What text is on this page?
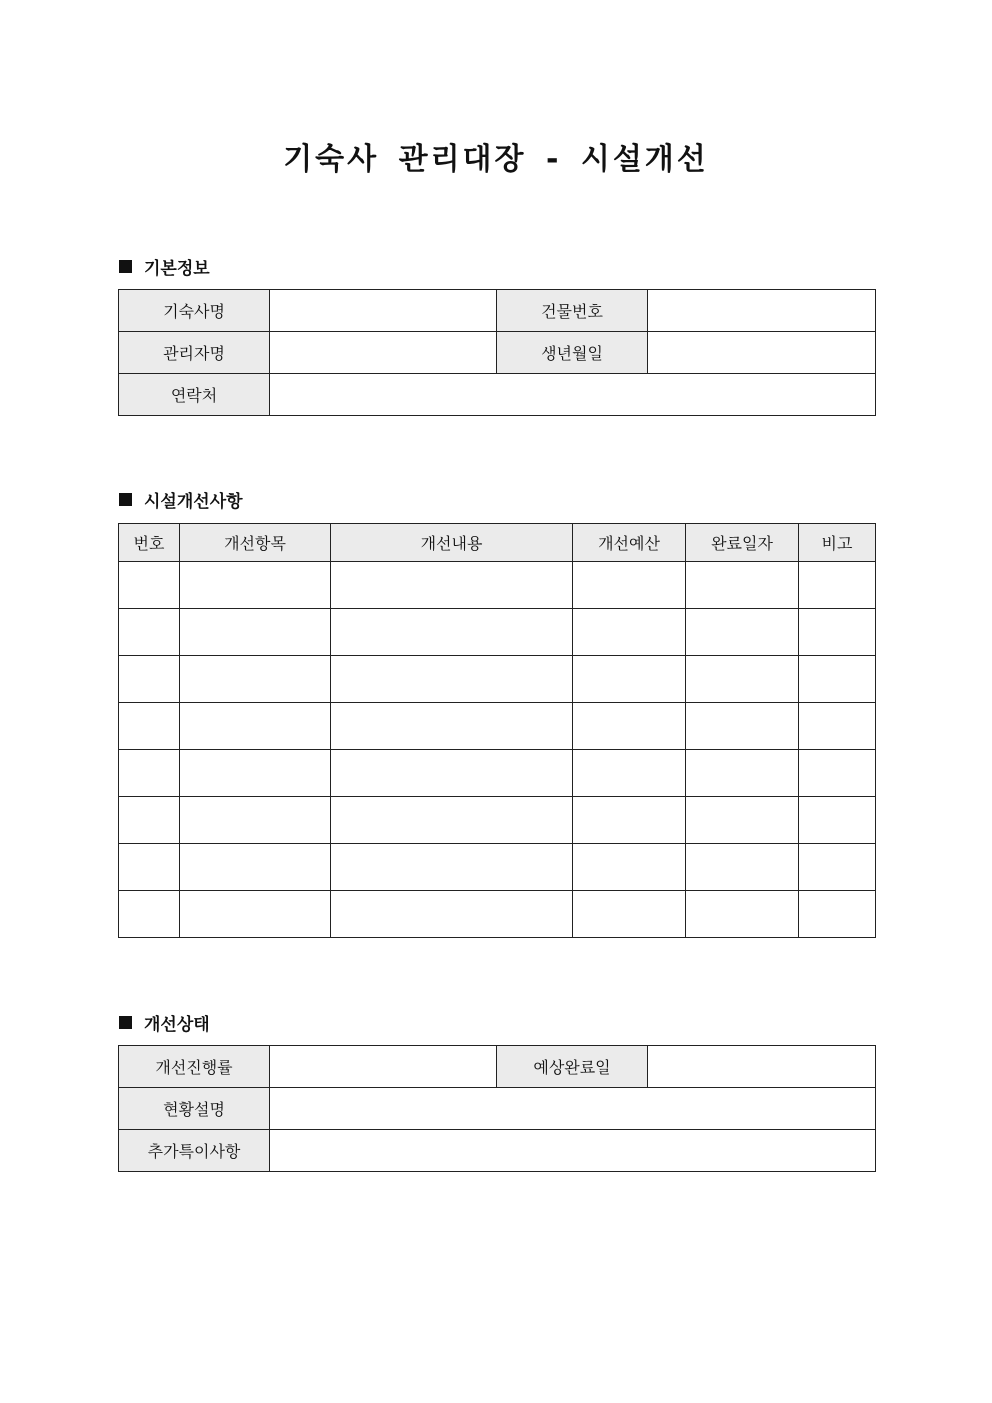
기숙사 관리대장 - 시설개선
기본정보
기숙사명		건물번호	
관리자명		생년월일	
연락처			
시설개선사항
번호	개선항목	개선내용	개선예산	완료일자	비고

개선상태
개선진행률		예상완료일	
현황설명			
추가특이사항			
